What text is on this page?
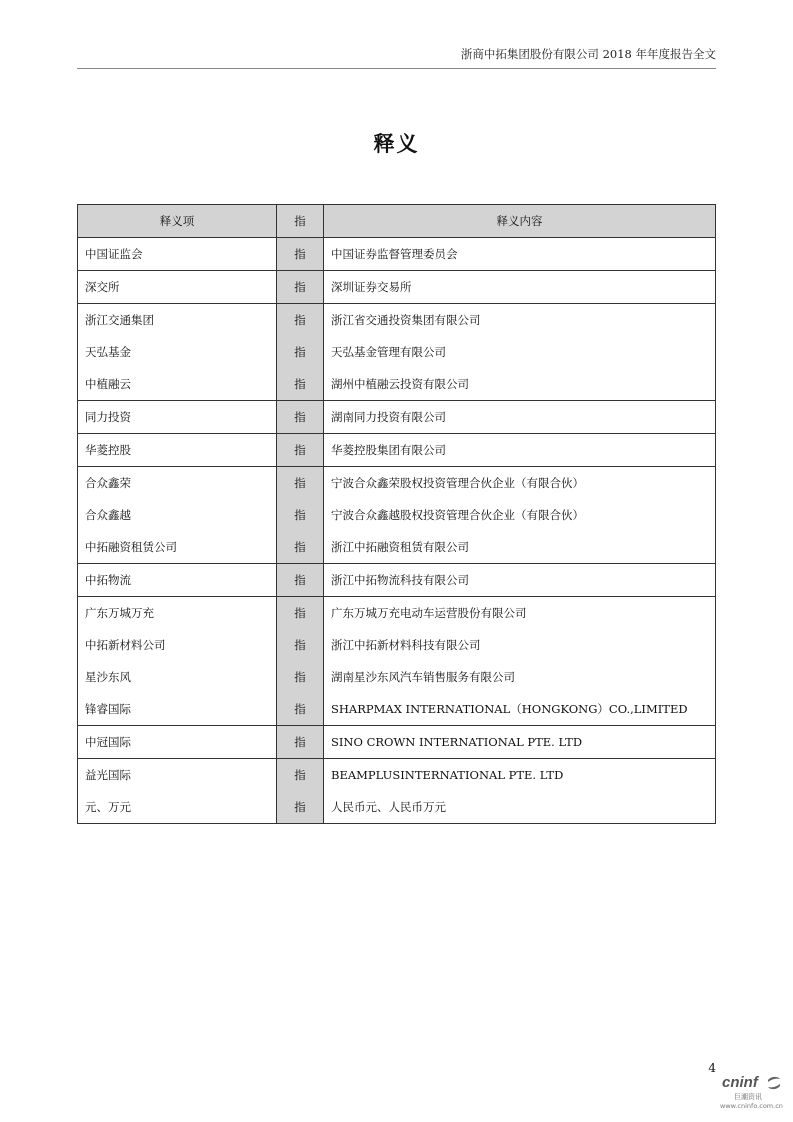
浙商中拓集团股份有限公司 2018 年年度报告全文
释义
释义项	指	释义内容
中国证监会	指	中国证券监督管理委员会
深交所	指	深圳证券交易所
浙江交通集团	指	浙江省交通投资集团有限公司
天弘基金	指	天弘基金管理有限公司
中植融云	指	湖州中植融云投资有限公司
同力投资	指	湖南同力投资有限公司
华菱控股	指	华菱控股集团有限公司
合众鑫荣	指	宁波合众鑫荣股权投资管理合伙企业（有限合伙）
合众鑫越	指	宁波合众鑫越股权投资管理合伙企业（有限合伙）
中拓融资租赁公司	指	浙江中拓融资租赁有限公司
中拓物流	指	浙江中拓物流科技有限公司
广东万城万充	指	广东万城万充电动车运营股份有限公司
中拓新材料公司	指	浙江中拓新材料科技有限公司
星沙东风	指	湖南星沙东风汽车销售服务有限公司
锋睿国际	指	SHARPMAX INTERNATIONAL（HONGKONG）CO.,LIMITED
中冠国际	指	SINO CROWN INTERNATIONAL PTE. LTD
益光国际	指	BEAMPLUSINTERNATIONAL PTE. LTD
元、万元	指	人民币元、人民币万元
4
cninf
巨潮资讯
www.cninfo.com.cn
